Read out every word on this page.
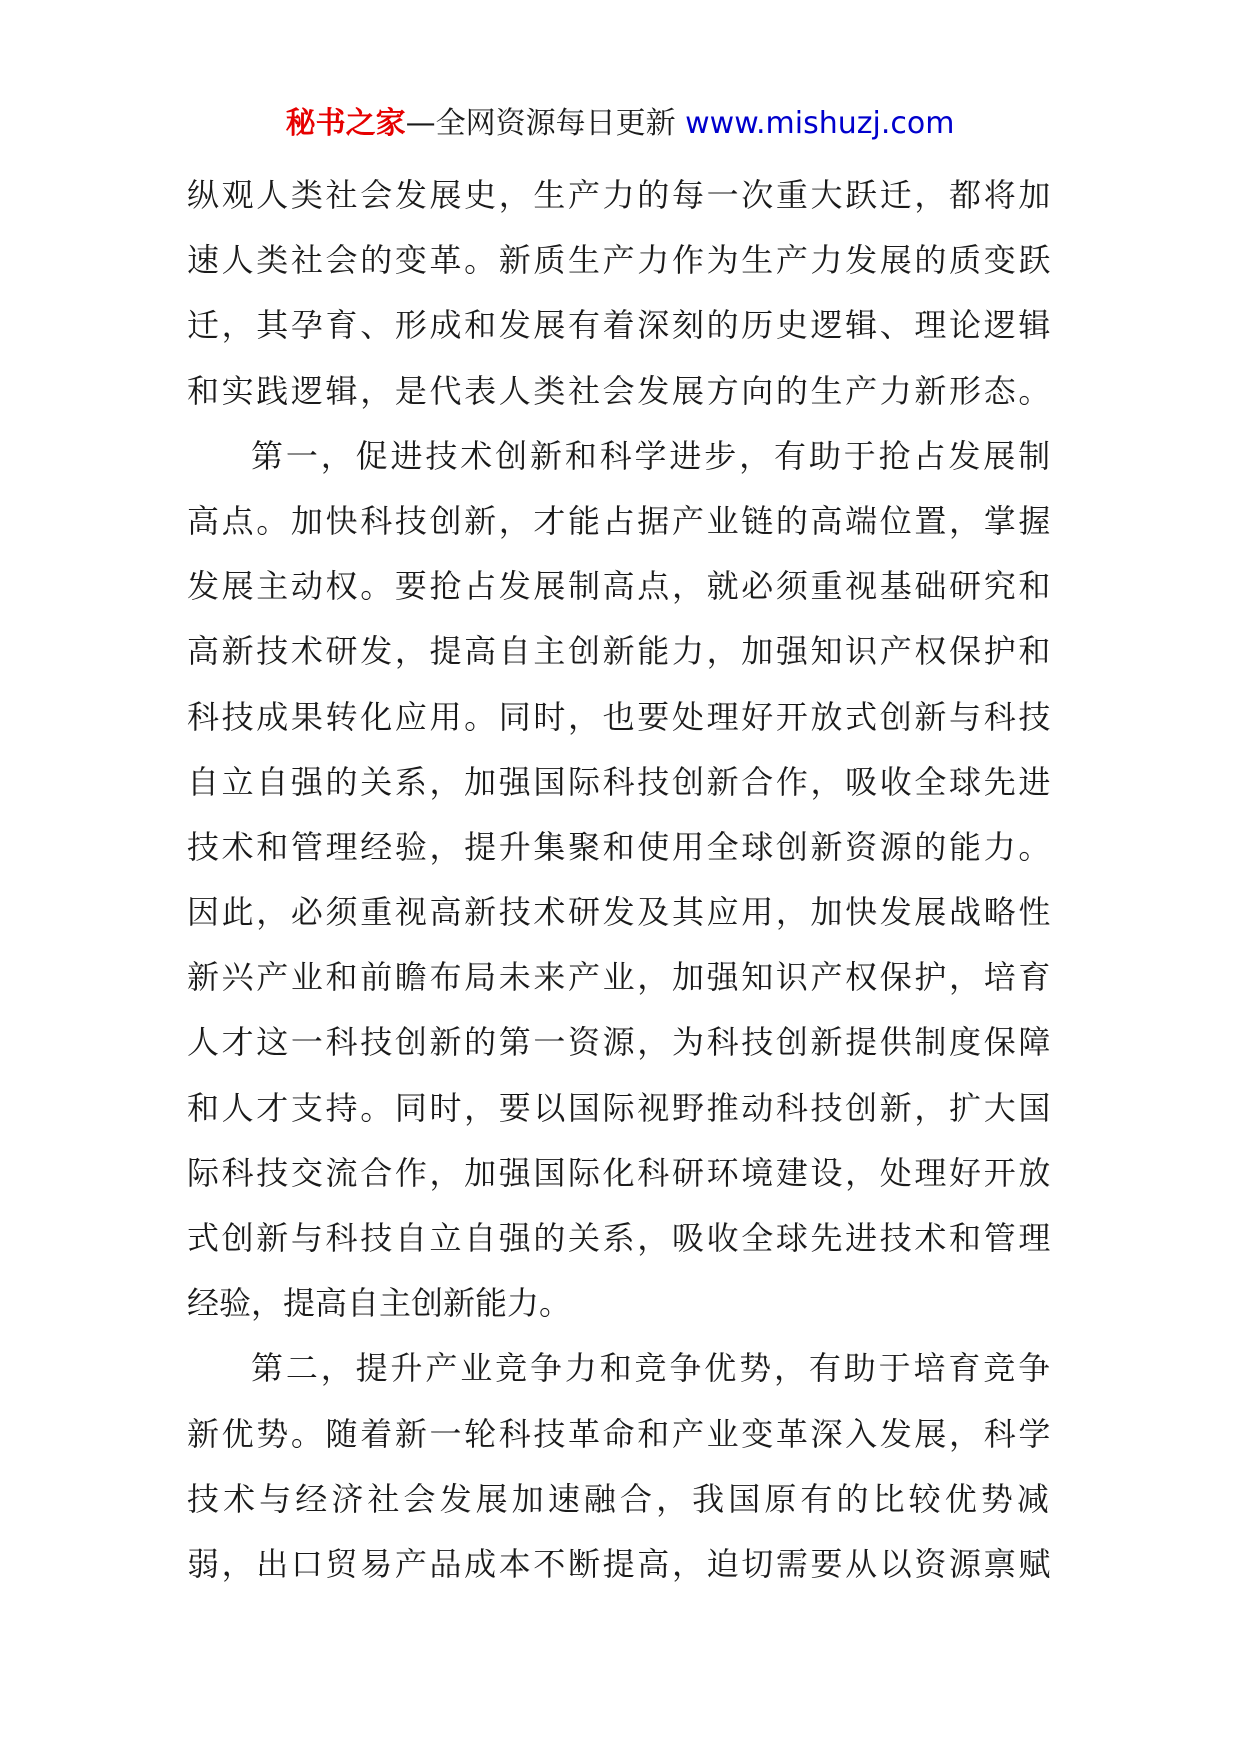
秘书之家—全网资源每日更新 www.mishuzj.com
纵观人类社会发展史，生产力的每一次重大跃迁，都将加
速人类社会的变革。新质生产力作为生产力发展的质变跃
迁，其孕育、形成和发展有着深刻的历史逻辑、理论逻辑
和实践逻辑，是代表人类社会发展方向的生产力新形态。
第一，促进技术创新和科学进步，有助于抢占发展制
高点。加快科技创新，才能占据产业链的高端位置，掌握
发展主动权。要抢占发展制高点，就必须重视基础研究和
高新技术研发，提高自主创新能力，加强知识产权保护和
科技成果转化应用。同时，也要处理好开放式创新与科技
自立自强的关系，加强国际科技创新合作，吸收全球先进
技术和管理经验，提升集聚和使用全球创新资源的能力。
因此，必须重视高新技术研发及其应用，加快发展战略性
新兴产业和前瞻布局未来产业，加强知识产权保护，培育
人才这一科技创新的第一资源，为科技创新提供制度保障
和人才支持。同时，要以国际视野推动科技创新，扩大国
际科技交流合作，加强国际化科研环境建设，处理好开放
式创新与科技自立自强的关系，吸收全球先进技术和管理
经验，提高自主创新能力。
第二，提升产业竞争力和竞争优势，有助于培育竞争
新优势。随着新一轮科技革命和产业变革深入发展，科学
技术与经济社会发展加速融合，我国原有的比较优势减
弱，出口贸易产品成本不断提高，迫切需要从以资源禀赋
